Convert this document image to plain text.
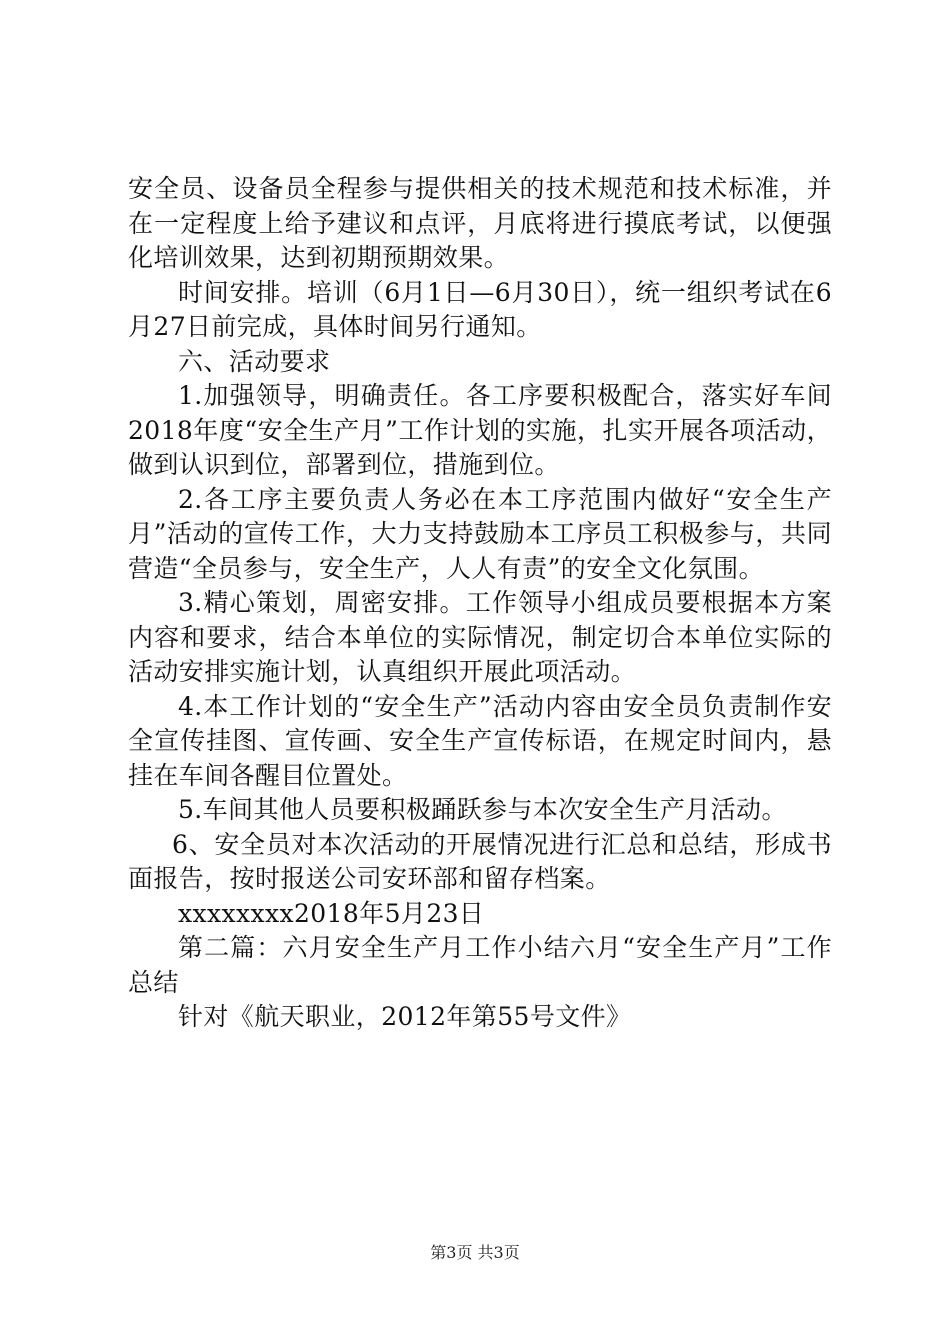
安全员、设备员全程参与提供相关的技术规范和技术标准，并在一定程度上给予建议和点评，月底将进行摸底考试，以便强化培训效果，达到初期预期效果。

时间安排。培训（6月1日—6月30日），统一组织考试在6月27日前完成，具体时间另行通知。

六、活动要求

1.加强领导，明确责任。各工序要积极配合，落实好车间2018年度“安全生产月”工作计划的实施，扎实开展各项活动，做到认识到位，部署到位，措施到位。

2.各工序主要负责人务必在本工序范围内做好“安全生产月”活动的宣传工作，大力支持鼓励本工序员工积极参与，共同营造“全员参与，安全生产，人人有责”的安全文化氛围。

3.精心策划，周密安排。工作领导小组成员要根据本方案内容和要求，结合本单位的实际情况，制定切合本单位实际的活动安排实施计划，认真组织开展此项活动。

4.本工作计划的“安全生产”活动内容由安全员负责制作安全宣传挂图、宣传画、安全生产宣传标语，在规定时间内，悬挂在车间各醒目位置处。

5.车间其他人员要积极踊跃参与本次安全生产月活动。

6、安全员对本次活动的开展情况进行汇总和总结，形成书面报告，按时报送公司安环部和留存档案。

xxxxxxxx2018年5月23日

第二篇：六月安全生产月工作小结六月“安全生产月”工作总结

针对《航天职业，2012年第55号文件》

第3页 共3页
